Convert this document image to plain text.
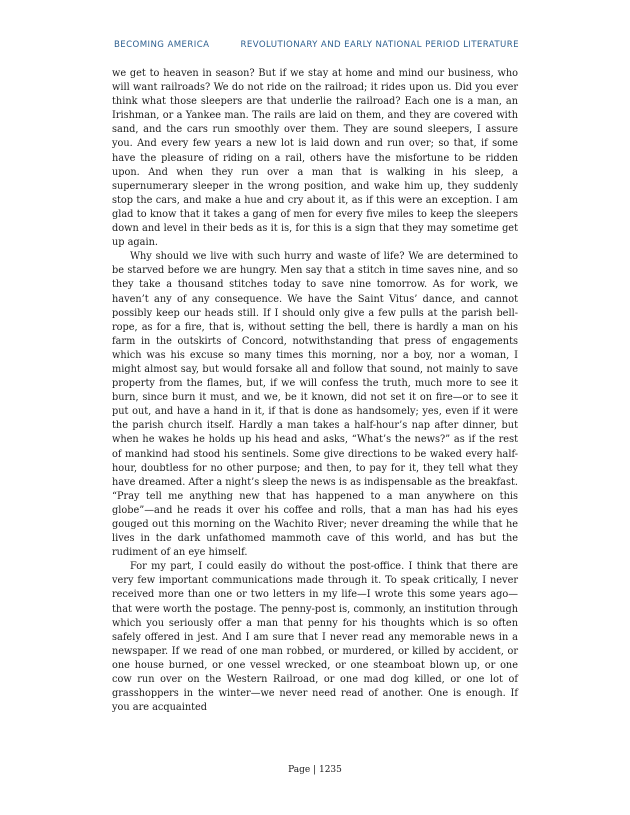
BECOMING AMERICA	REVOLUTIONARY AND EARLY NATIONAL PERIOD LITERATURE

we get to heaven in season? But if we stay at home and mind our business, who will want railroads? We do not ride on the railroad; it rides upon us. Did you ever think what those sleepers are that underlie the railroad? Each one is a man, an Irishman, or a Yankee man. The rails are laid on them, and they are covered with sand, and the cars run smoothly over them. They are sound sleepers, I assure you. And every few years a new lot is laid down and run over; so that, if some have the pleasure of riding on a rail, others have the misfortune to be ridden upon. And when they run over a man that is walking in his sleep, a supernumerary sleeper in the wrong position, and wake him up, they suddenly stop the cars, and make a hue and cry about it, as if this were an exception. I am glad to know that it takes a gang of men for every five miles to keep the sleepers down and level in their beds as it is, for this is a sign that they may sometime get up again.

Why should we live with such hurry and waste of life? We are determined to be starved before we are hungry. Men say that a stitch in time saves nine, and so they take a thousand stitches today to save nine tomorrow. As for work, we haven’t any of any consequence. We have the Saint Vitus’ dance, and cannot possibly keep our heads still. If I should only give a few pulls at the parish bell-rope, as for a fire, that is, without setting the bell, there is hardly a man on his farm in the outskirts of Concord, notwithstanding that press of engagements which was his excuse so many times this morning, nor a boy, nor a woman, I might almost say, but would forsake all and follow that sound, not mainly to save property from the flames, but, if we will confess the truth, much more to see it burn, since burn it must, and we, be it known, did not set it on fire—or to see it put out, and have a hand in it, if that is done as handsomely; yes, even if it were the parish church itself. Hardly a man takes a half-hour’s nap after dinner, but when he wakes he holds up his head and asks, “What’s the news?” as if the rest of mankind had stood his sentinels. Some give directions to be waked every half-hour, doubtless for no other purpose; and then, to pay for it, they tell what they have dreamed. After a night’s sleep the news is as indispensable as the breakfast. “Pray tell me anything new that has happened to a man anywhere on this globe”—and he reads it over his coffee and rolls, that a man has had his eyes gouged out this morning on the Wachito River; never dreaming the while that he lives in the dark unfathomed mammoth cave of this world, and has but the rudiment of an eye himself.

For my part, I could easily do without the post-office. I think that there are very few important communications made through it. To speak critically, I never received more than one or two letters in my life—I wrote this some years ago—that were worth the postage. The penny-post is, commonly, an institution through which you seriously offer a man that penny for his thoughts which is so often safely offered in jest. And I am sure that I never read any memorable news in a newspaper. If we read of one man robbed, or murdered, or killed by accident, or one house burned, or one vessel wrecked, or one steamboat blown up, or one cow run over on the Western Railroad, or one mad dog killed, or one lot of grasshoppers in the winter—we never need read of another. One is enough. If you are acquainted

Page | 1235
